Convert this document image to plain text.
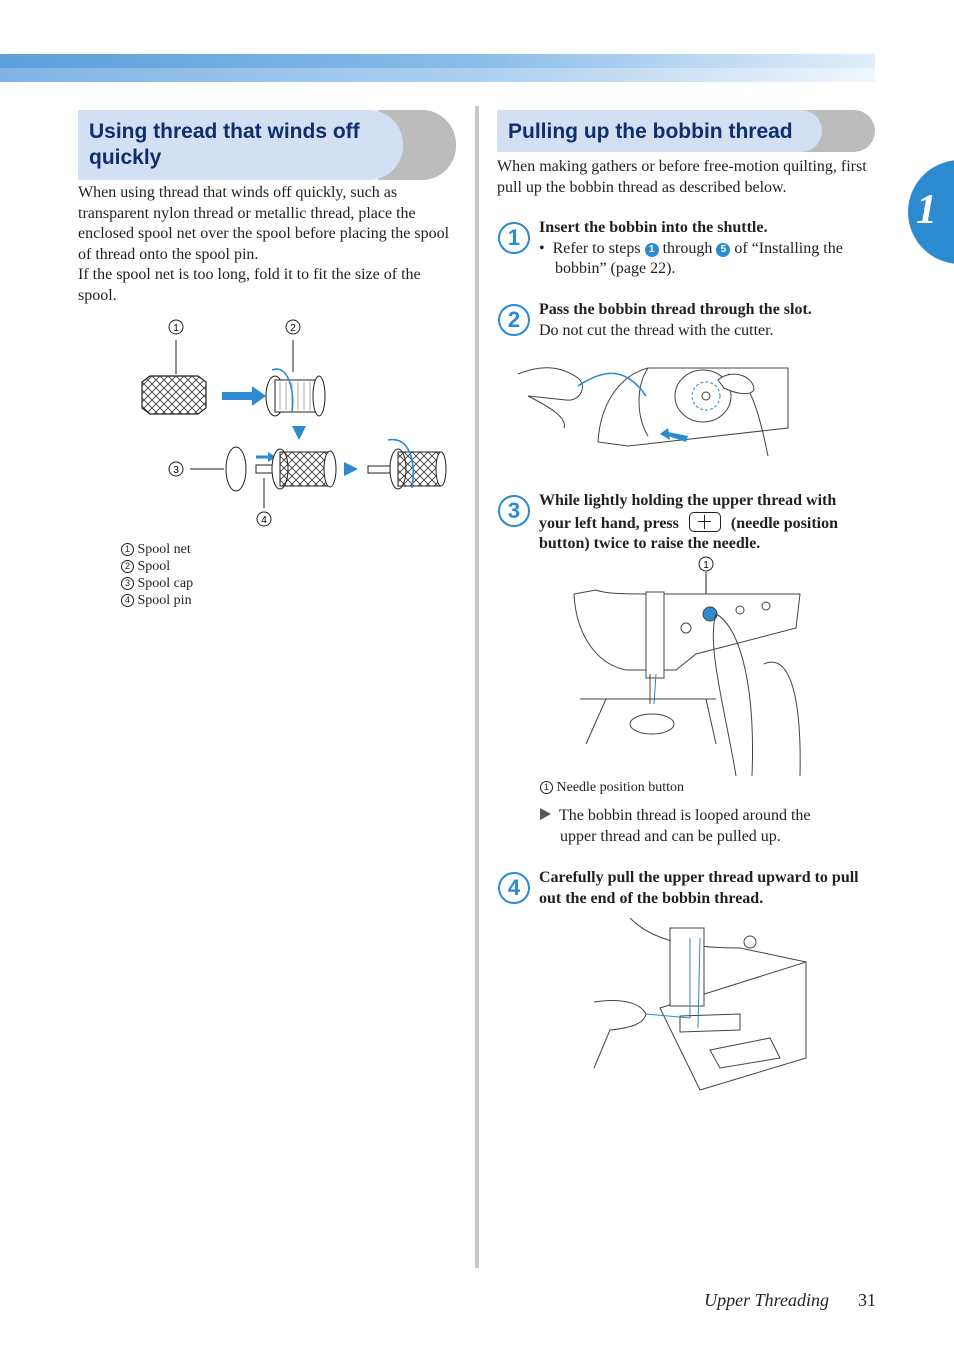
1
Using thread that winds off quickly
When using thread that winds off quickly, such as transparent nylon thread or metallic thread, place the enclosed spool net over the spool before placing the spool of thread onto the spool pin.
If the spool net is too long, fold it to fit the size of the spool.
1	2
3
4
1 Spool net
2 Spool
3 Spool cap
4 Spool pin
Pulling up the bobbin thread
When making gathers or before free-motion quilting, first pull up the bobbin thread as described below.
1	Insert the bobbin into the shuttle.
•  Refer to steps 1 through 5 of “Installing the
bobbin” (page 22).
2	Pass the bobbin thread through the slot.
Do not cut the thread with the cutter.
3	While lightly holding the upper thread with
your left hand, press	(needle position
button) twice to raise the needle.
1
1 Needle position button
The bobbin thread is looped around the
upper thread and can be pulled up.
4	Carefully pull the upper thread upward to pull
out the end of the bobbin thread.
Upper Threading 31
